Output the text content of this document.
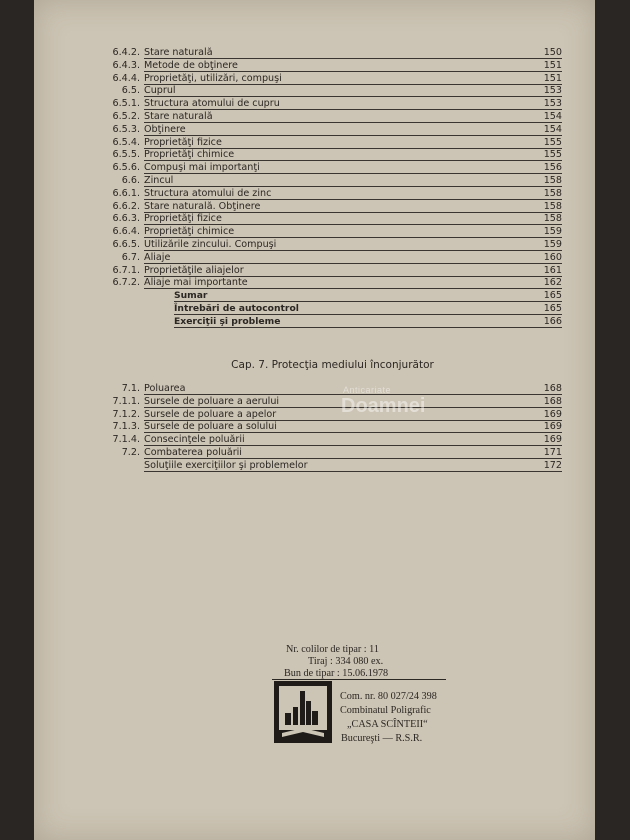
6.4.2. Stare naturală	150
6.4.3. Metode de obţinere	151
6.4.4. Proprietăţi, utilizări, compuşi	151
6.5. Cuprul	153
6.5.1. Structura atomului de cupru	153
6.5.2. Stare naturală	154
6.5.3. Obţinere	154
6.5.4. Proprietăţi fizice	155
6.5.5. Proprietăţi chimice	155
6.5.6. Compuşi mai importanţi	156
6.6. Zincul	158
6.6.1. Structura atomului de zinc	158
6.6.2. Stare naturală. Obţinere	158
6.6.3. Proprietăţi fizice	158
6.6.4. Proprietăţi chimice	159
6.6.5. Utilizările zincului. Compuşi	159
6.7. Aliaje	160
6.7.1. Proprietăţile aliajelor	161
6.7.2. Aliaje mai importante	162
Sumar	165
Întrebări de autocontrol	165
Exerciţii şi probleme	166
Cap. 7. Protecţia mediului înconjurător
7.1. Poluarea	168
7.1.1. Sursele de poluare a aerului	168
7.1.2. Sursele de poluare a apelor	169
7.1.3. Sursele de poluare a solului	169
7.1.4. Consecinţele poluării	169
7.2. Combaterea poluării	171
Soluţiile exerciţiilor şi problemelor	172
Anticariate
Doamnei
Nr. colilor de tipar : 11
Tiraj : 334 080 ex.
Bun de tipar : 15.06.1978
Com. nr. 80 027/24 398
Combinatul Poligrafic
„CASA SCÎNTEII“
Bucureşti — R.S.R.
